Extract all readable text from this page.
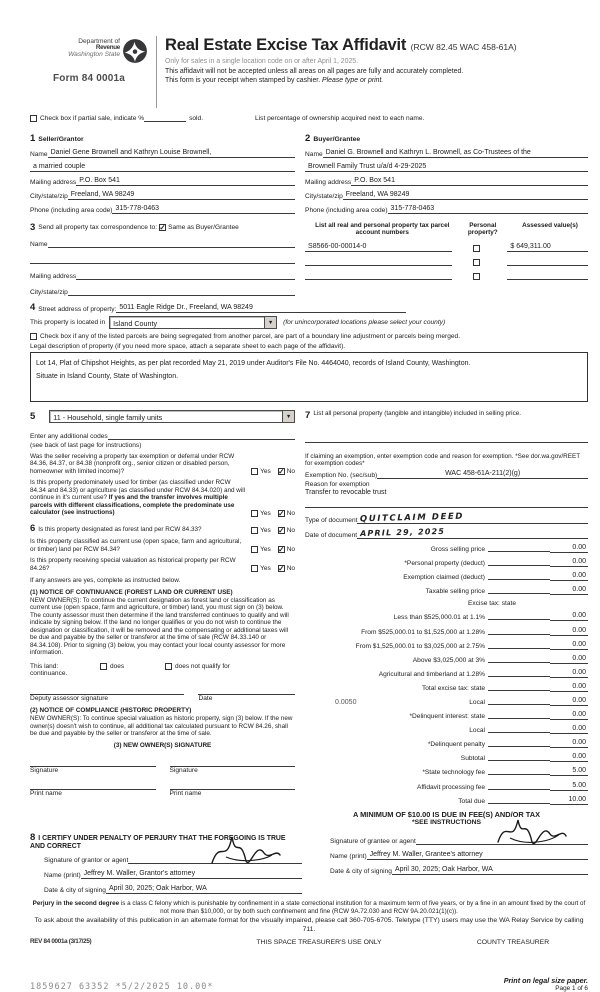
Department of
Revenue
Washington State
Form 84 0001a
Real Estate Excise Tax Affidavit (RCW 82.45 WAC 458-61A)
Only for sales in a single location code on or after April 1, 2025.
This affidavit will not be accepted unless all areas on all pages are fully and accurately completed.
This form is your receipt when stamped by cashier. Please type or print.
Check box if partial sale, indicate %	sold.	List percentage of ownership acquired next to each name.
1 Seller/Grantor
Name Daniel Gene Brownell and Kathryn Louise Brownell,
a married couple
Mailing address P.O. Box 541
City/state/zip Freeland, WA 98249
Phone (including area code) 315-778-0463
2 Buyer/Grantee
Name Daniel G. Brownell and Kathryn L. Brownell, as Co-Trustees of the
Brownell Family Trust u/a/d 4-29-2025
Mailing address P.O. Box 541
City/state/zip Freeland, WA 98249
Phone (including area code) 315-778-0463
3 Send all property tax correspondence to: ✓ Same as Buyer/Grantee
Name
Mailing address
City/state/zip
List all real and personal property tax parcel account numbers
Personal property?
Assessed value(s)
S8566-00-00014-0	$ 649,311.00
4 Street address of property: 5011 Eagle Ridge Dr., Freeland, WA 98249
This property is located in	Island County	▼	(for unincorporated locations please select your county)
Check box if any of the listed parcels are being segregated from another parcel, are part of a boundary line adjustment or parcels being merged.
Legal description of property (if you need more space, attach a separate sheet to each page of the affidavit).
Lot 14, Plat of Chipshot Heights, as per plat recorded May 21, 2019 under Auditor's File No. 4464040, records of Island County, Washington.
Situate in Island County, State of Washington.
5	11 - Household, single family units	▼
Enter any additional codes
(see back of last page for instructions)
Was the seller receiving a property tax exemption or deferral under RCW 84.36, 84.37, or 84.38 (nonprofit org., senior citizen or disabled person, homeowner with limited income)?	Yes ✓ No
Is this property predominately used for timber (as classified under RCW 84.34 and 84.33) or agriculture (as classified under RCW 84.34.020) and will continue in it's current use? If yes and the transfer involves multiple parcels with different classifications, complete the predominate use calculator (see instructions)	Yes ✓ No
6 Is this property designated as forest land per RCW 84.33?	Yes ✓ No
Is this property classified as current use (open space, farm and agricultural, or timber) land per RCW 84.34?	Yes ✓ No
Is this property receiving special valuation as historical property per RCW 84.26?	Yes ✓ No
If any answers are yes, complete as instructed below.
(1) NOTICE OF CONTINUANCE (FOREST LAND OR CURRENT USE)
NEW OWNER(S): To continue the current designation as forest land or classification as current use (open space, farm and agriculture, or timber) land, you must sign on (3) below. The county assessor must then determine if the land transferred continues to qualify and will indicate by signing below. If the land no longer qualifies or you do not wish to continue the designation or classification, it will be removed and the compensating or additional taxes will be due and payable by the seller or transferor at the time of sale (RCW 84.33.140 or 84.34.108). Prior to signing (3) below, you may contact your local county assessor for more information.
This land:	does	does not qualify for
continuance.
Deputy assessor signature	Date
(2) NOTICE OF COMPLIANCE (HISTORIC PROPERTY)
NEW OWNER(S): To continue special valuation as historic property, sign (3) below. If the new owner(s) doesn't wish to continue, all additional tax calculated pursuant to RCW 84.26, shall be due and payable by the seller or transferor at the time of sale.
(3) NEW OWNER(S) SIGNATURE
Signature	Signature
Print name	Print name
7 List all personal property (tangible and intangible) included in selling price.
If claiming an exemption, enter exemption code and reason for exemption. *See dor.wa.gov/REET for exemption codes*
Exemption No. (sec/sub)	WAC 458-61A-211(2)(g)
Reason for exemption
Transfer to revocable trust
Type of document QUITCLAIM DEED
Date of document APRIL 29, 2025
Gross selling price	0.00
*Personal property (deduct)	0.00
Exemption claimed (deduct)	0.00
Taxable selling price	0.00
Excise tax: state
Less than $525,000.01 at 1.1%	0.00
From $525,000.01 to $1,525,000 at 1.28%	0.00
From $1,525,000.01 to $3,025,000 at 2.75%	0.00
Above $3,025,000 at 3%	0.00
Agricultural and timberland at 1.28%	0.00
Total excise tax: state	0.00
0.0050	Local	0.00
*Delinquent interest: state	0.00
Local	0.00
*Delinquent penalty	0.00
Subtotal	0.00
*State technology fee	5.00
Affidavit processing fee	5.00
Total due	10.00
A MINIMUM OF $10.00 IS DUE IN FEE(S) AND/OR TAX
*SEE INSTRUCTIONS
8 I CERTIFY UNDER PENALTY OF PERJURY THAT THE FOREGOING IS TRUE AND CORRECT
Signature of grantor or agent
Name (print) Jeffrey M. Waller, Grantor's attorney
Date & city of signing April 30, 2025; Oak Harbor, WA
Signature of grantee or agent
Name (print) Jeffrey M. Waller, Grantee's attorney
Date & city of signing April 30, 2025; Oak Harbor, WA
Perjury in the second degree is a class C felony which is punishable by confinement in a state correctional institution for a maximum term of five years, or by a fine in an amount fixed by the court of not more than $10,000, or by both such confinement and fine (RCW 9A.72.030 and RCW 9A.20.021(1)(c)).
To ask about the availability of this publication in an alternate format for the visually impaired, please call 360-705-6705. Teletype (TTY) users may use the WA Relay Service by calling 711.
REV 84 0001a (3/17/25)	THIS SPACE TREASURER'S USE ONLY	COUNTY TREASURER
1859627 63352 *5/2/2025 10.00*
Print on legal size paper.
Page 1 of 6
